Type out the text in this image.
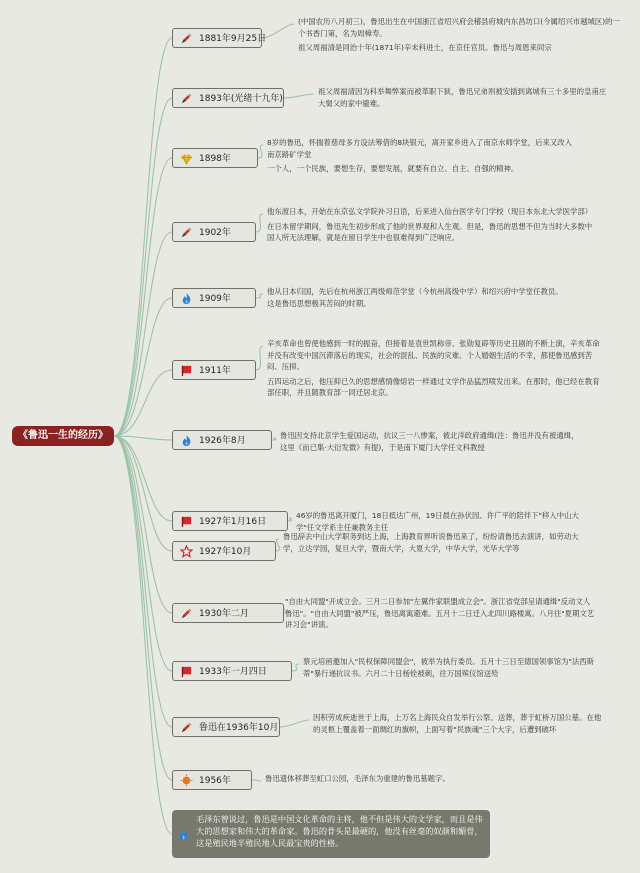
《鲁迅一生的经历》
1881年9月25日

(中国农历八月初三)，鲁迅出生在中国浙江省绍兴府会稽县府城内东昌坊口(今属绍兴市越城区)的一个书香门第，名为周樟寿。

祖父周福清是同治十年(1871年)辛未科进士，在京任官员。鲁迅与周恩来同宗

1893年(光绪十九年)

祖父周福清因为科举舞弊案而被革职下狱，鲁迅兄弟则被安插到离城有三十多里的皇甫庄大舅父的家中避难。

1898年

8岁的鲁迅，怀揣着慈母多方设法筹借的8块银元，离开家乡进入了南京水师学堂，后来又改入南京路矿学堂

一个人，一个民族，要想生存，要想发展，就要有自立、自主、自强的精神。

1902年

他东渡日本，开始在东京弘文学院补习日语，后来进入仙台医学专门学校（现日本东北大学医学部）

在日本留学期间，鲁迅先生初步形成了他的世界观和人生观。但是，鲁迅的思想不但为当时大多数中国人所无法理解，就是在留日学生中也很难得到广泛响应。

1909年

他从日本归国，先后在杭州浙江两级师范学堂（今杭州高级中学）和绍兴府中学堂任教员。这是鲁迅思想极其苦闷的时期。

1911年

辛亥革命也曾使他感到一时的振奋，但接着是袁世凯称帝、张勋复辟等历史丑剧的不断上演，辛亥革命并没有改变中国沉滞落后的现实，社会的混乱、民族的灾难、个人婚姻生活的不幸，都使鲁迅感到苦闷、压抑。

五四运动之后，他压抑已久的思想感情像熔岩一样通过文学作品猛烈喷发出来。在那时，他已经在教育部任职，并且随教育部一同迁居北京。

1926年8月

鲁迅因支持北京学生爱国运动，抗议三一八惨案，被北洋政府通缉(注：鲁迅并没有被通缉，这里《而已集·大衍发微》有提)，于是南下厦门大学任文科教授

1927年1月16日

46岁的鲁迅离开厦门，18日抵达广州，19日晨在孙伏园、许广平的陪伴下"移入中山大学"任文学系主任兼教务主任

1927年10月

鲁迅辞去中山大学职务到达上海，上海教育界听说鲁迅来了，纷纷请鲁迅去演讲，如劳动大学，立达学园，复旦大学，暨南大学，大夏大学，中华大学，光华大学等

1930年二月

"自由大同盟"开成立会。三月二日参加"左翼作家联盟成立会"。浙江省党部呈请通缉"反动文人鲁迅"。"自由大同盟"被严压，鲁迅离寓避难。五月十二日迁入北四川路楼寓。八月往"夏期文艺讲习会"讲演。

1933年一月四日

蔡元培函邀加入"民权保障同盟会"，被举为执行委员。五月十三日至德国领事馆为"法西斯蒂"暴行递抗议书。六月二十日杨铨被刺，往万国殡仪馆送殓

鲁迅在1936年10月

因积劳成疾逝世于上海，上万名上海民众自发举行公祭、送葬，葬于虹桥万国公墓。在他的灵柩上覆盖着一面绸红的旗帜，上面写着"民族魂"三个大字，后遭到破坏

1956年	鲁迅遗体移葬至虹口公园，毛泽东为重建的鲁迅墓题字。

毛泽东曾说过，鲁迅是中国文化革命的主将，他不但是伟大的文学家，而且是伟大的思想家和伟大的革命家。鲁迅的骨头是最硬的，他没有丝毫的奴颜和媚骨，这是殖民地半殖民地人民最宝贵的性格。
